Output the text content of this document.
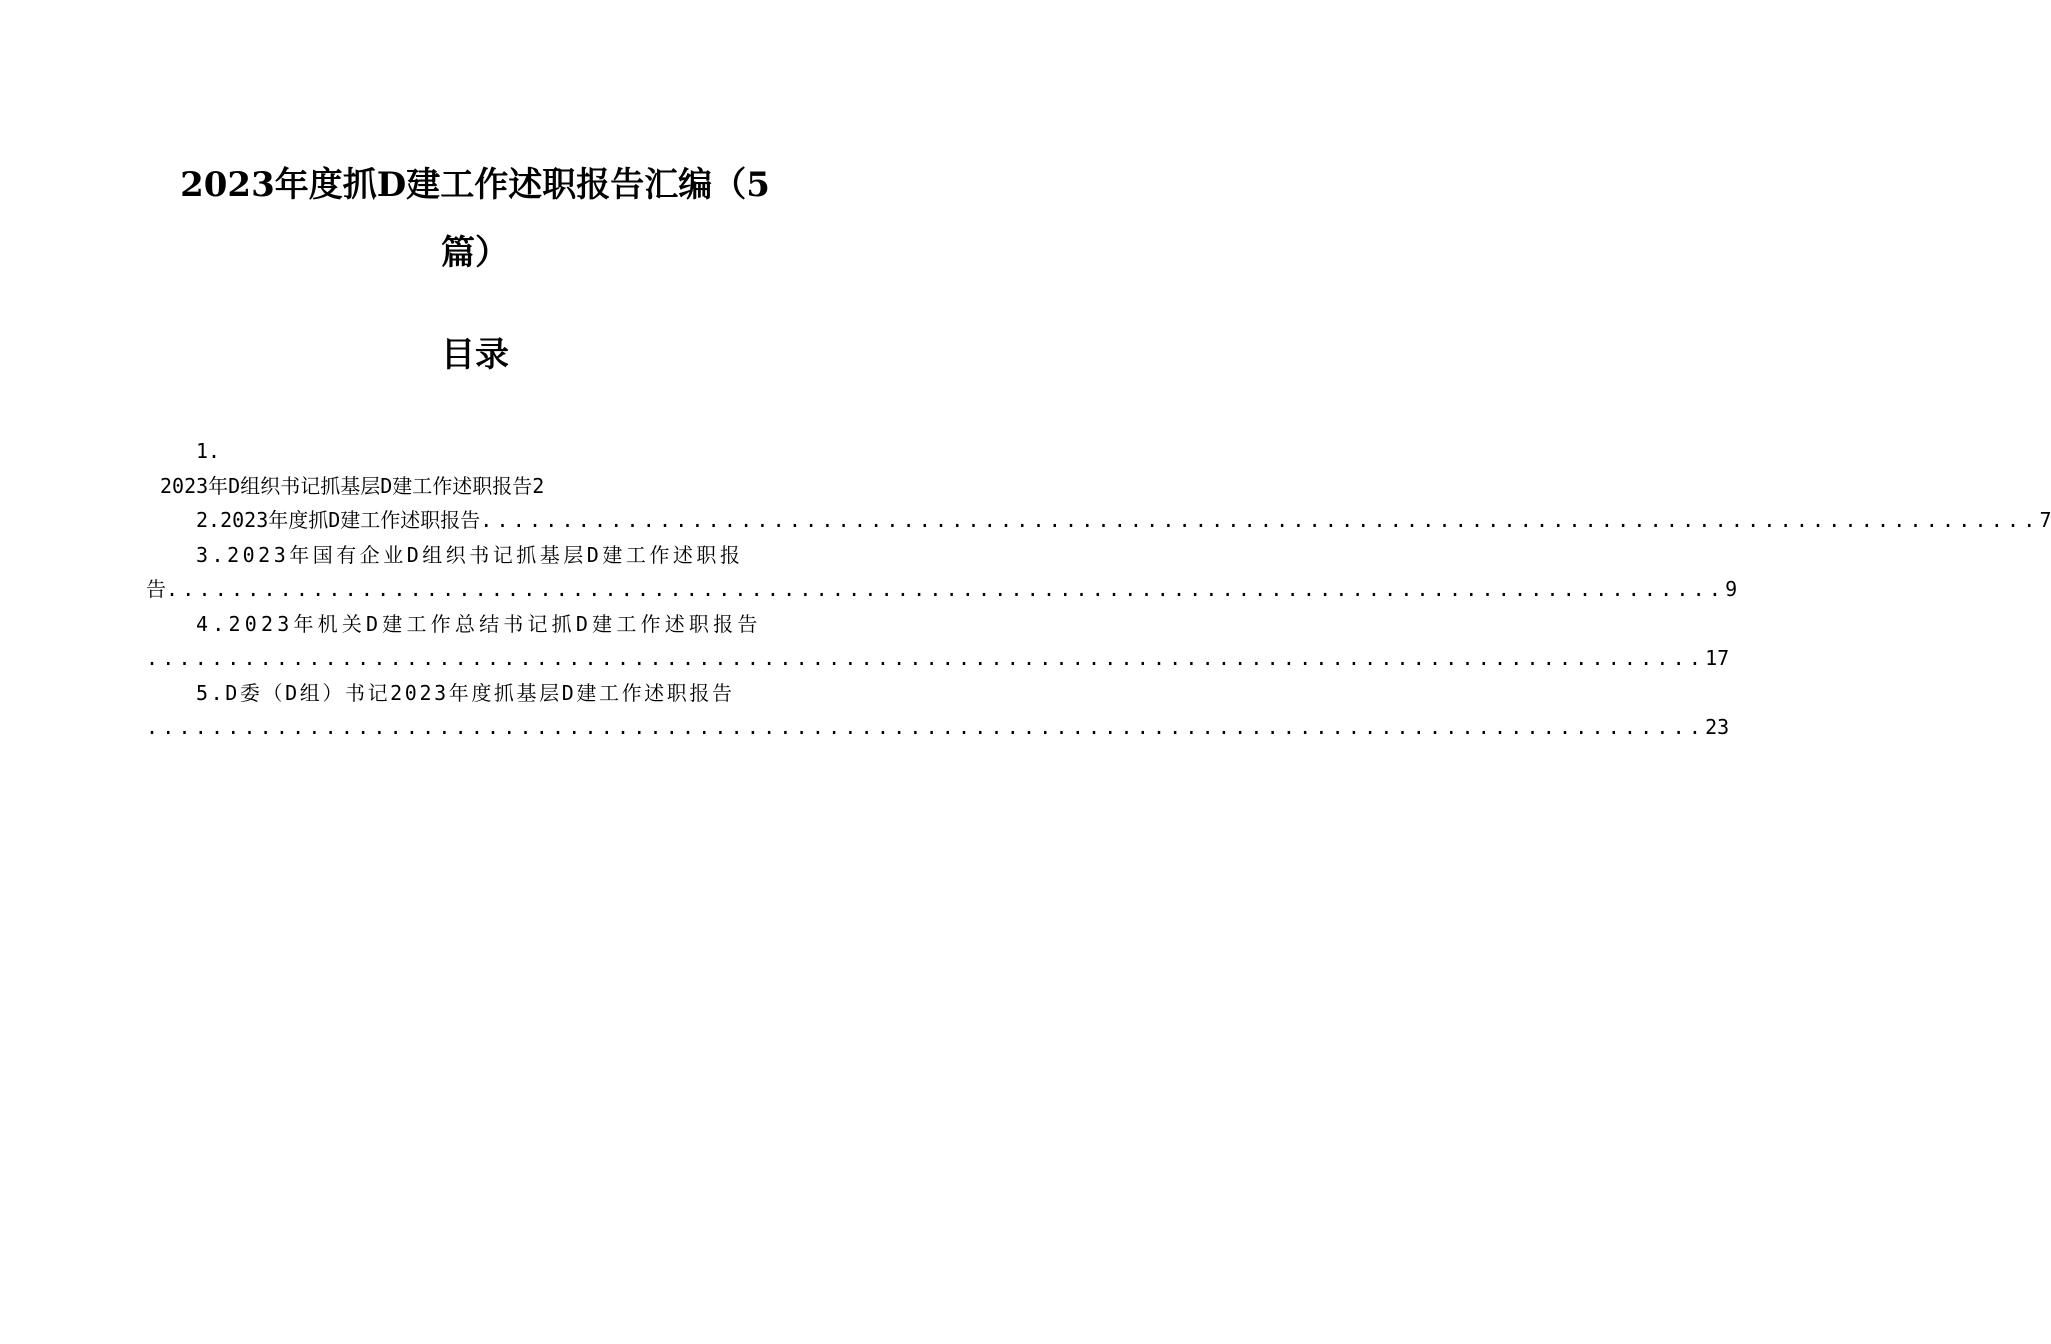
2023年度抓D建工作述职报告汇编（5
篇）
目录
1.
2023年D组织书记抓基层D建工作述职报告2
2.2023年度抓D建工作述职报告 ................................................................................................ 7
3.2023年国有企业D组织书记抓基层D建工作述职报
告 ................................................................................................ 9
4.2023年机关D建工作总结书记抓D建工作述职报告
................................................................................................ 17
5.D委（D组）书记2023年度抓基层D建工作述职报告
................................................................................................ 23
